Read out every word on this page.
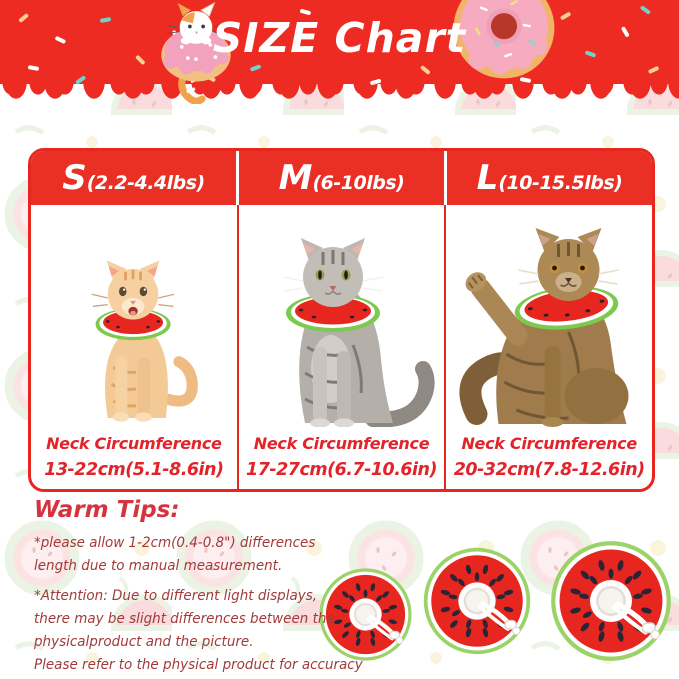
SIZE Chart
S (2.2-4.4lbs) M (6-10lbs) L (10-15.5lbs)
Neck Circumference
13-22cm(5.1-8.6in)
Neck Circumference
17-27cm(6.7-10.6in)
Neck Circumference
20-32cm(7.8-12.6in)
Warm Tips:
*please allow 1-2cm(0.4-0.8") differences
length due to manual measurement.
*Attention: Due to different light displays,
there may be slight differences between the
physicalproduct and the picture.
Please refer to the physical product for accuracy
